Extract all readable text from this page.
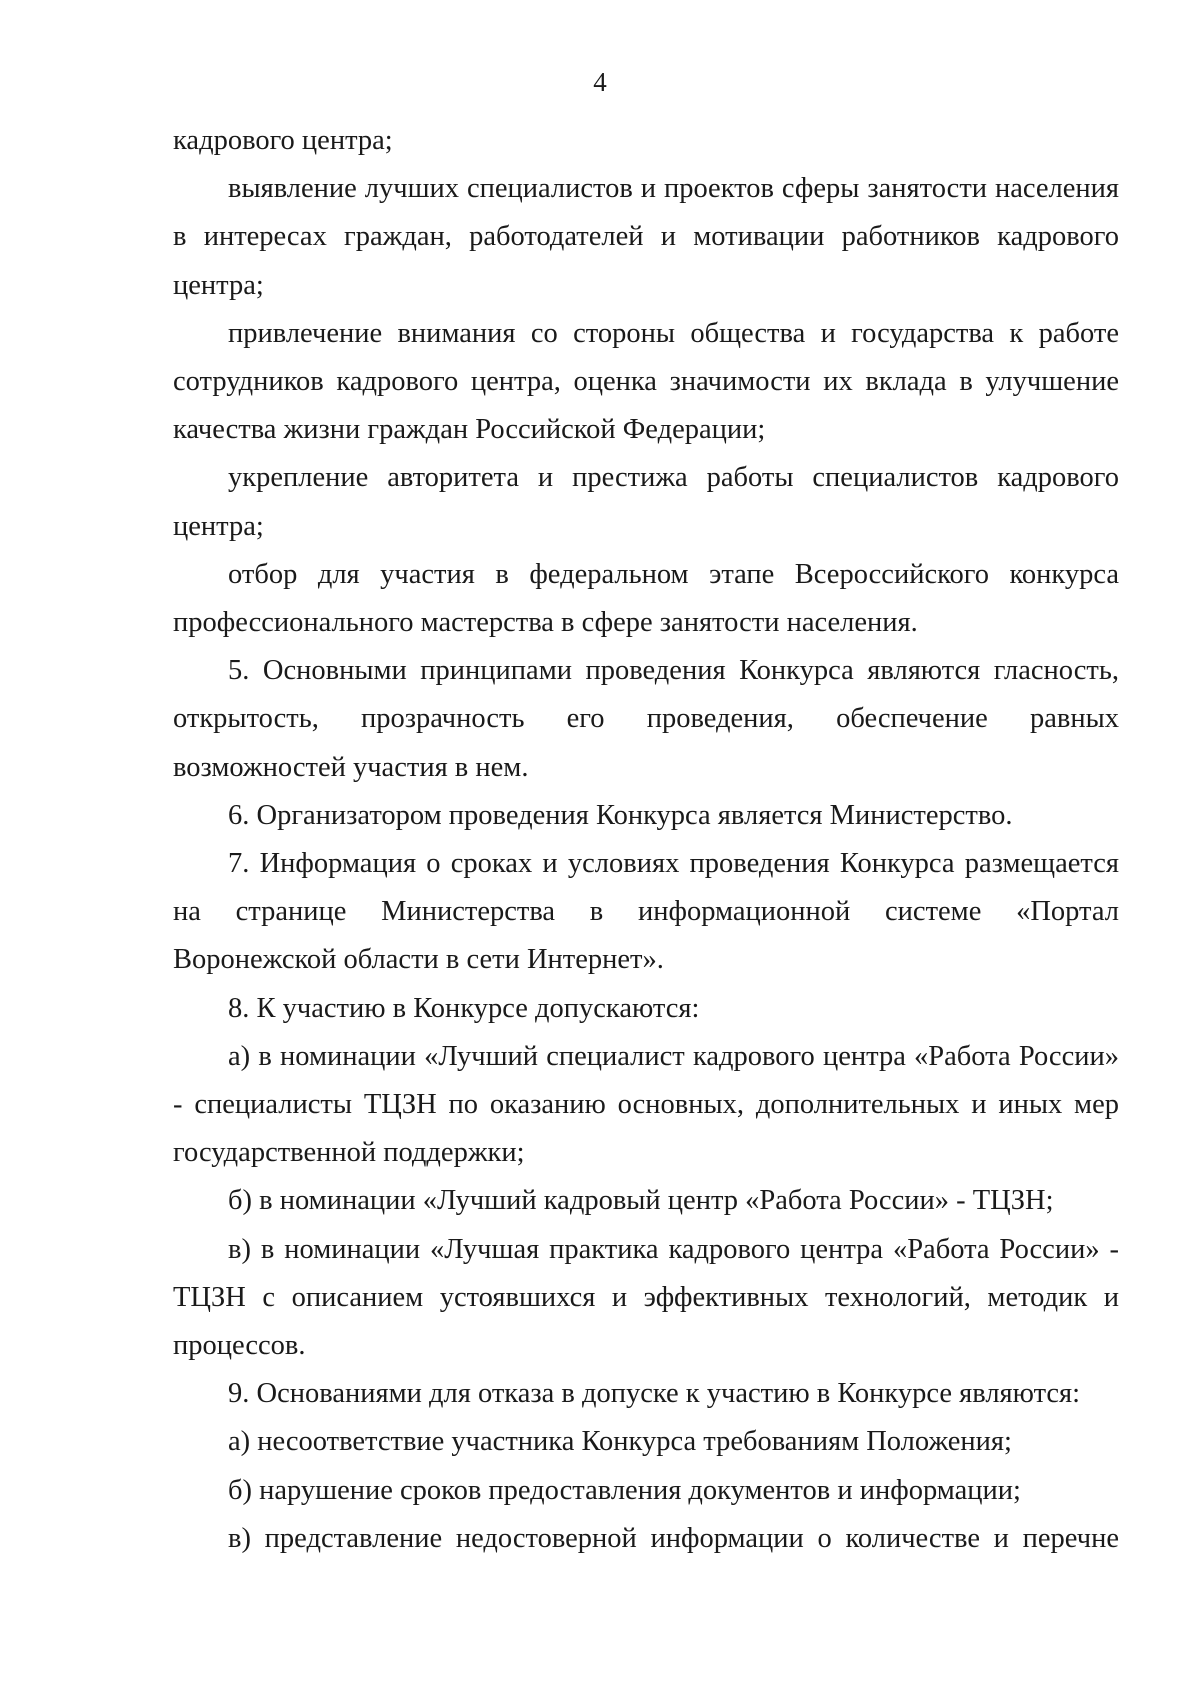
4

кадрового центра;

выявление лучших специалистов и проектов сферы занятости населения в интересах граждан, работодателей и мотивации работников кадрового центра;

привлечение внимания со стороны общества и государства к работе сотрудников кадрового центра, оценка значимости их вклада в улучшение качества жизни граждан Российской Федерации;

укрепление авторитета и престижа работы специалистов кадрового центра;

отбор для участия в федеральном этапе Всероссийского конкурса профессионального мастерства в сфере занятости населения.

5. Основными принципами проведения Конкурса являются гласность, открытость, прозрачность его проведения, обеспечение равных возможностей участия в нем.

6. Организатором проведения Конкурса является Министерство.

7. Информация о сроках и условиях проведения Конкурса размещается на странице Министерства в информационной системе «Портал Воронежской области в сети Интернет».

8. К участию в Конкурсе допускаются:

а) в номинации «Лучший специалист кадрового центра «Работа России» - специалисты ТЦЗН по оказанию основных, дополнительных и иных мер государственной поддержки;

б) в номинации «Лучший кадровый центр «Работа России» - ТЦЗН;

в) в номинации «Лучшая практика кадрового центра «Работа России» - ТЦЗН с описанием устоявшихся и эффективных технологий, методик и процессов.

9. Основаниями для отказа в допуске к участию в Конкурсе являются:

а) несоответствие участника Конкурса требованиям Положения;

б) нарушение сроков предоставления документов и информации;

в) представление недостоверной информации о количестве и перечне
